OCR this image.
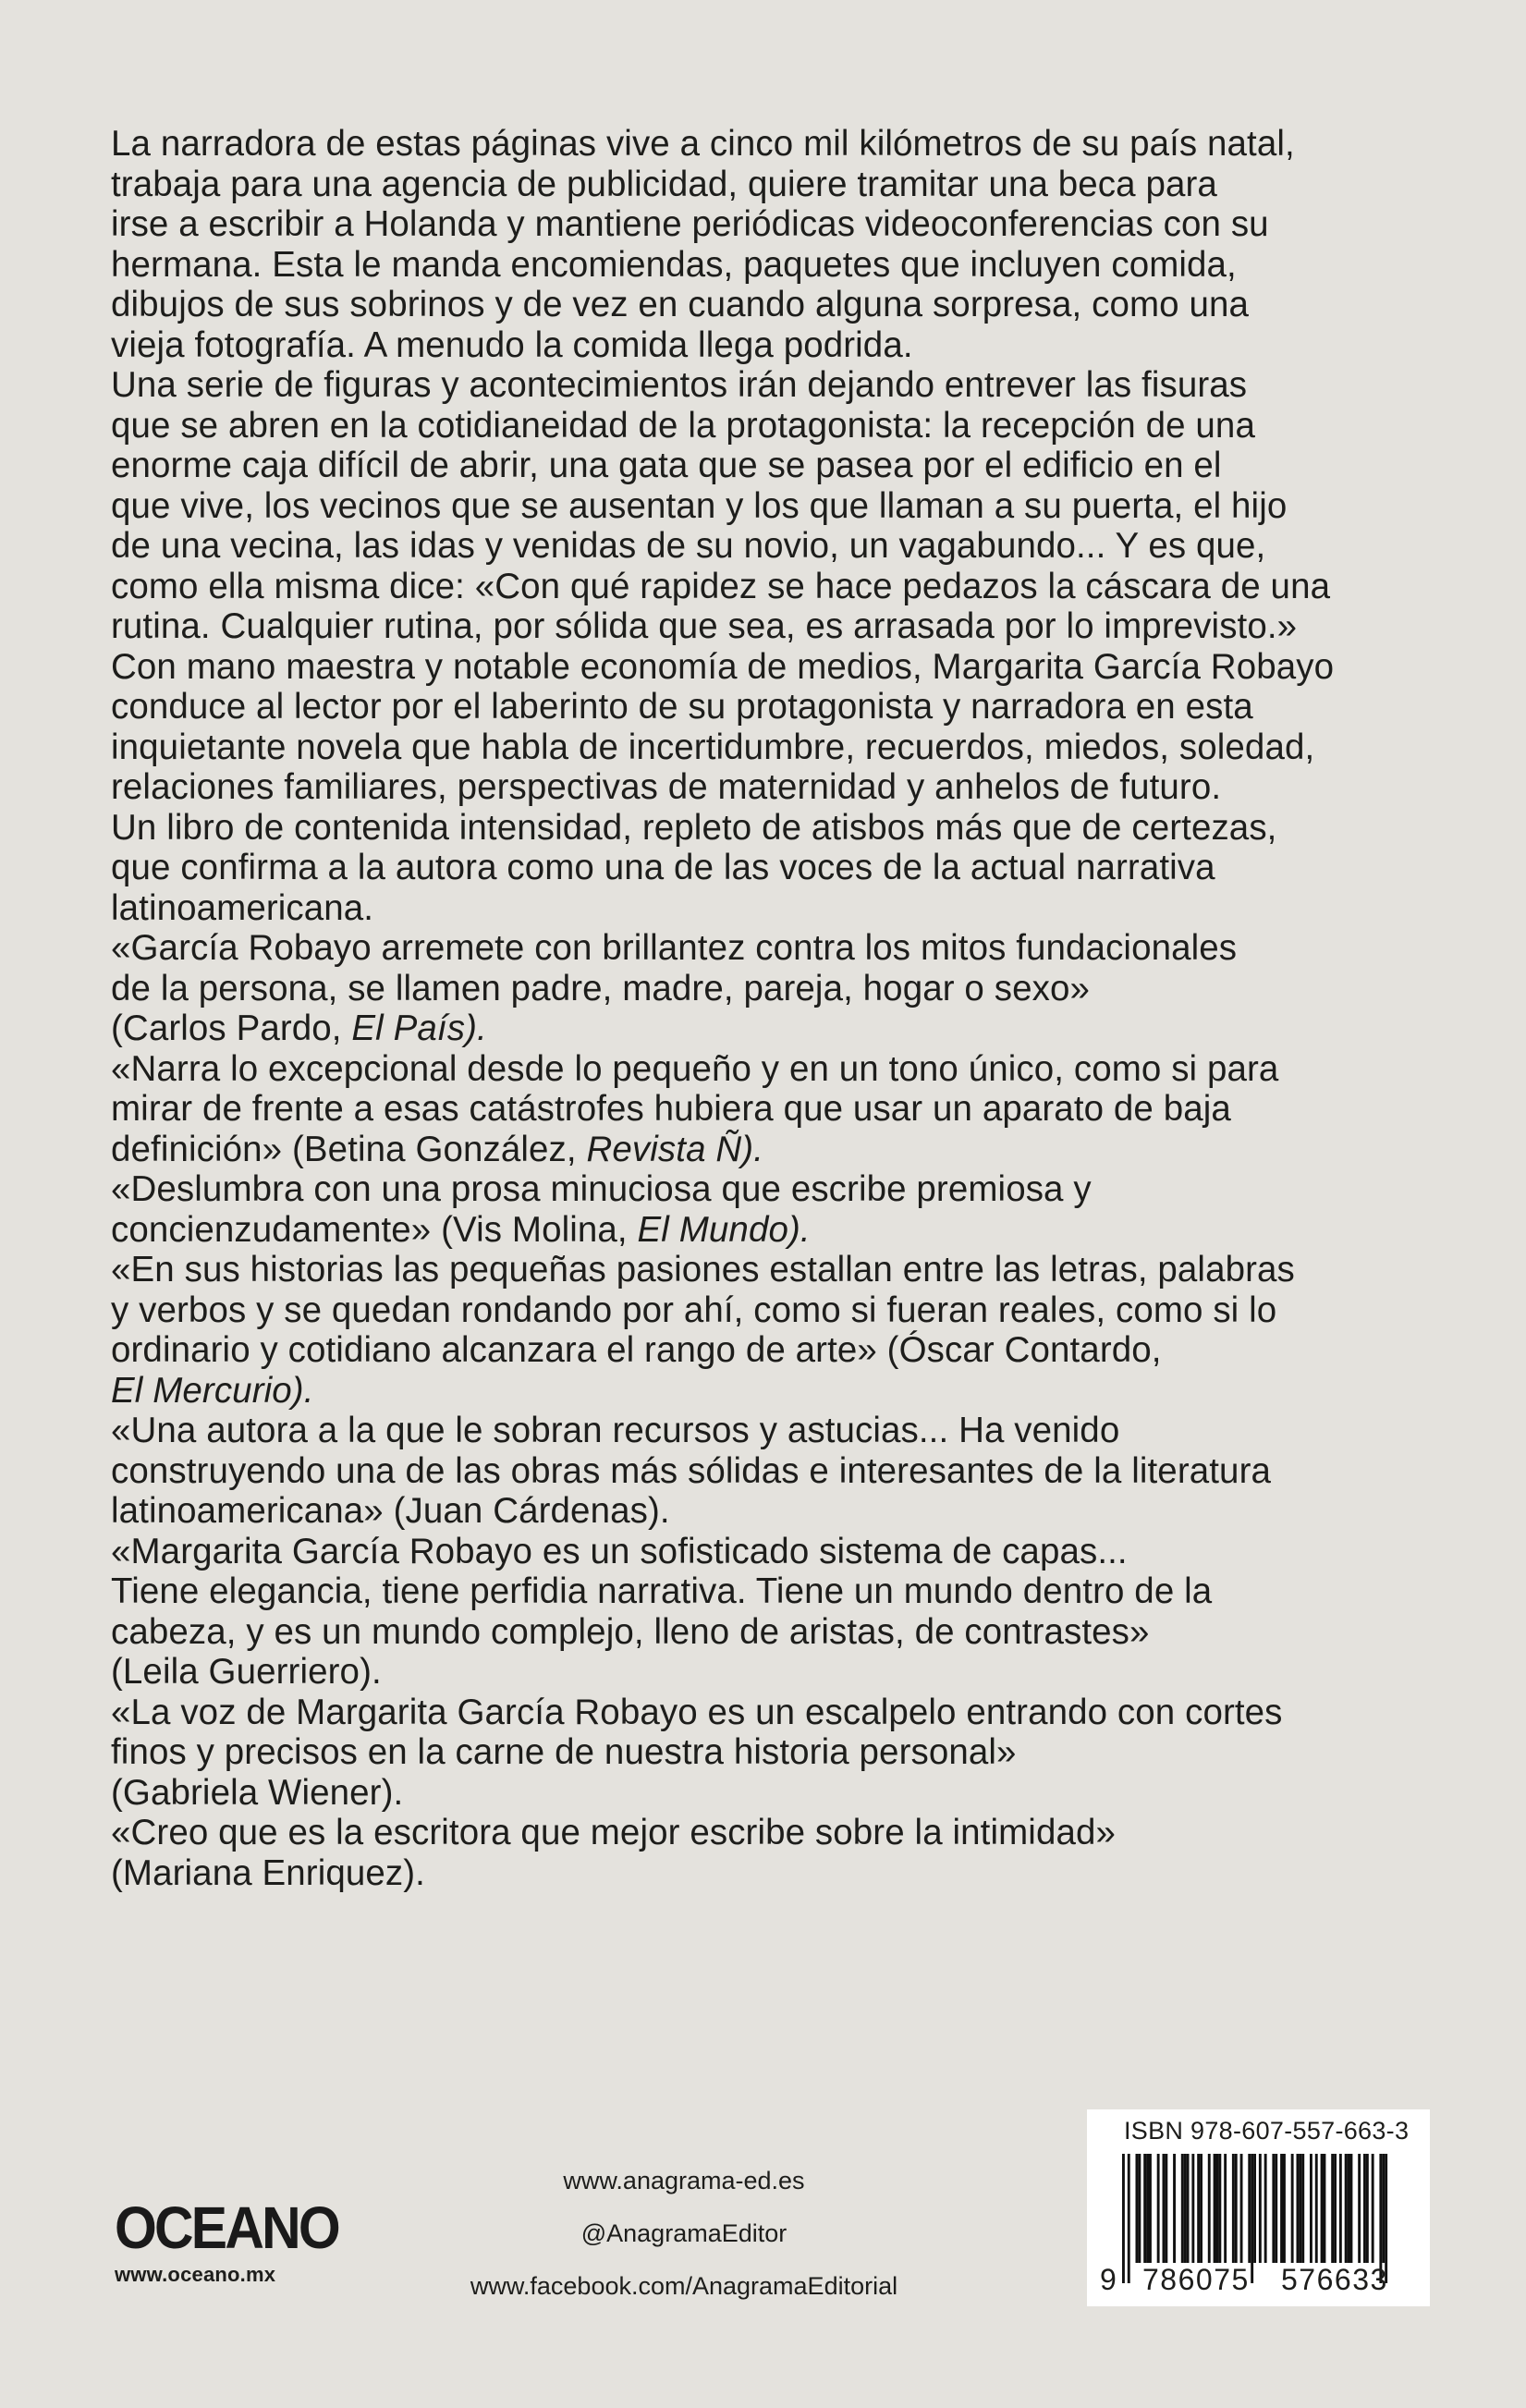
La narradora de estas páginas vive a cinco mil kilómetros de su país natal,
trabaja para una agencia de publicidad, quiere tramitar una beca para
irse a escribir a Holanda y mantiene periódicas videoconferencias con su
hermana. Esta le manda encomiendas, paquetes que incluyen comida,
dibujos de sus sobrinos y de vez en cuando alguna sorpresa, como una
vieja fotografía. A menudo la comida llega podrida.
Una serie de figuras y acontecimientos irán dejando entrever las fisuras
que se abren en la cotidianeidad de la protagonista: la recepción de una
enorme caja difícil de abrir, una gata que se pasea por el edificio en el
que vive, los vecinos que se ausentan y los que llaman a su puerta, el hijo
de una vecina, las idas y venidas de su novio, un vagabundo... Y es que,
como ella misma dice: «Con qué rapidez se hace pedazos la cáscara de una
rutina. Cualquier rutina, por sólida que sea, es arrasada por lo imprevisto.»
Con mano maestra y notable economía de medios, Margarita García Robayo
conduce al lector por el laberinto de su protagonista y narradora en esta
inquietante novela que habla de incertidumbre, recuerdos, miedos, soledad,
relaciones familiares, perspectivas de maternidad y anhelos de futuro.
Un libro de contenida intensidad, repleto de atisbos más que de certezas,
que confirma a la autora como una de las voces de la actual narrativa
latinoamericana.
«García Robayo arremete con brillantez contra los mitos fundacionales
de la persona, se llamen padre, madre, pareja, hogar o sexo»
(Carlos Pardo, El País).
«Narra lo excepcional desde lo pequeño y en un tono único, como si para
mirar de frente a esas catástrofes hubiera que usar un aparato de baja
definición» (Betina González, Revista Ñ).
«Deslumbra con una prosa minuciosa que escribe premiosa y
concienzudamente» (Vis Molina, El Mundo).
«En sus historias las pequeñas pasiones estallan entre las letras, palabras
y verbos y se quedan rondando por ahí, como si fueran reales, como si lo
ordinario y cotidiano alcanzara el rango de arte» (Óscar Contardo,
El Mercurio).
«Una autora a la que le sobran recursos y astucias... Ha venido
construyendo una de las obras más sólidas e interesantes de la literatura
latinoamericana» (Juan Cárdenas).
«Margarita García Robayo es un sofisticado sistema de capas...
Tiene elegancia, tiene perfidia narrativa. Tiene un mundo dentro de la
cabeza, y es un mundo complejo, lleno de aristas, de contrastes»
(Leila Guerriero).
«La voz de Margarita García Robayo es un escalpelo entrando con cortes
finos y precisos en la carne de nuestra historia personal»
(Gabriela Wiener).
«Creo que es la escritora que mejor escribe sobre la intimidad»
(Mariana Enriquez).
OCEANO
www.oceano.mx
www.anagrama-ed.es
@AnagramaEditor
www.facebook.com/AnagramaEditorial
ISBN 978-607-557-663-3
9 786075 576633
